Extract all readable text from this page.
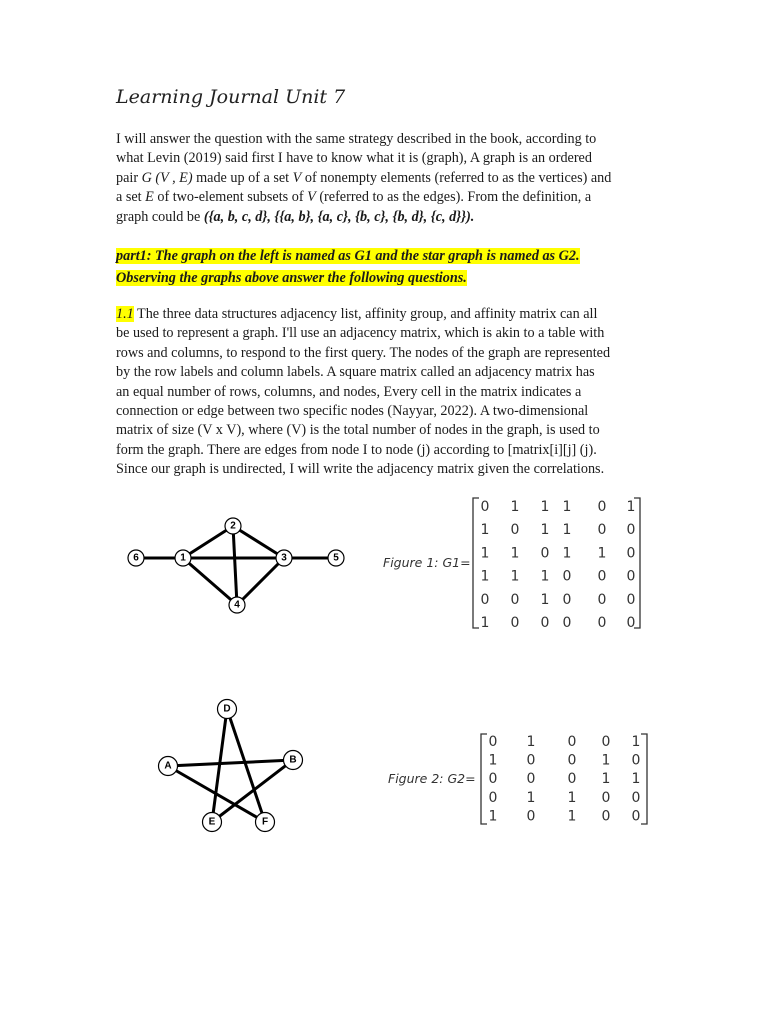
Learning Journal Unit 7
I will answer the question with the same strategy described in the book, according to
what Levin (2019) said first I have to know what it is (graph), A graph is an ordered
pair G (V , E) made up of a set V of nonempty elements (referred to as the vertices) and
a set E of two-element subsets of V (referred to as the edges). From the definition, a
graph could be ({a, b, c, d}, {{a, b}, {a, c}, {b, c}, {b, d}, {c, d}}).
part1: The graph on the left is named as G1 and the star graph is named as G2.
Observing the graphs above answer the following questions.
1.1 The three data structures adjacency list, affinity group, and affinity matrix can all
be used to represent a graph. I'll use an adjacency matrix, which is akin to a table with
rows and columns, to respond to the first query. The nodes of the graph are represented
by the row labels and column labels. A square matrix called an adjacency matrix has
an equal number of rows, columns, and nodes, Every cell in the matrix indicates a
connection or edge between two specific nodes (Nayyar, 2022). A two-dimensional
matrix of size (V x V), where (V) is the total number of nodes in the graph, is used to
form the graph. There are edges from node I to node (j) according to [matrix[i][j] (j).
Since our graph is undirected, I will write the adjacency matrix given the correlations.
6	1
2
3
4
5	Figure 1: G1=
0 1 1 1 0 1
1 0 1 1 0 0
1 1 0 1 1 0
1 1 1 0 0 0
0 0 1 0 0 0
1 0 0 0 0 0
D
A
B
E	F
Figure 2: G2=
0 1 0 0 1
1 0 0 1 0
0 0 0 1 1
0 1 1 0 0
1 0 1 0 0
